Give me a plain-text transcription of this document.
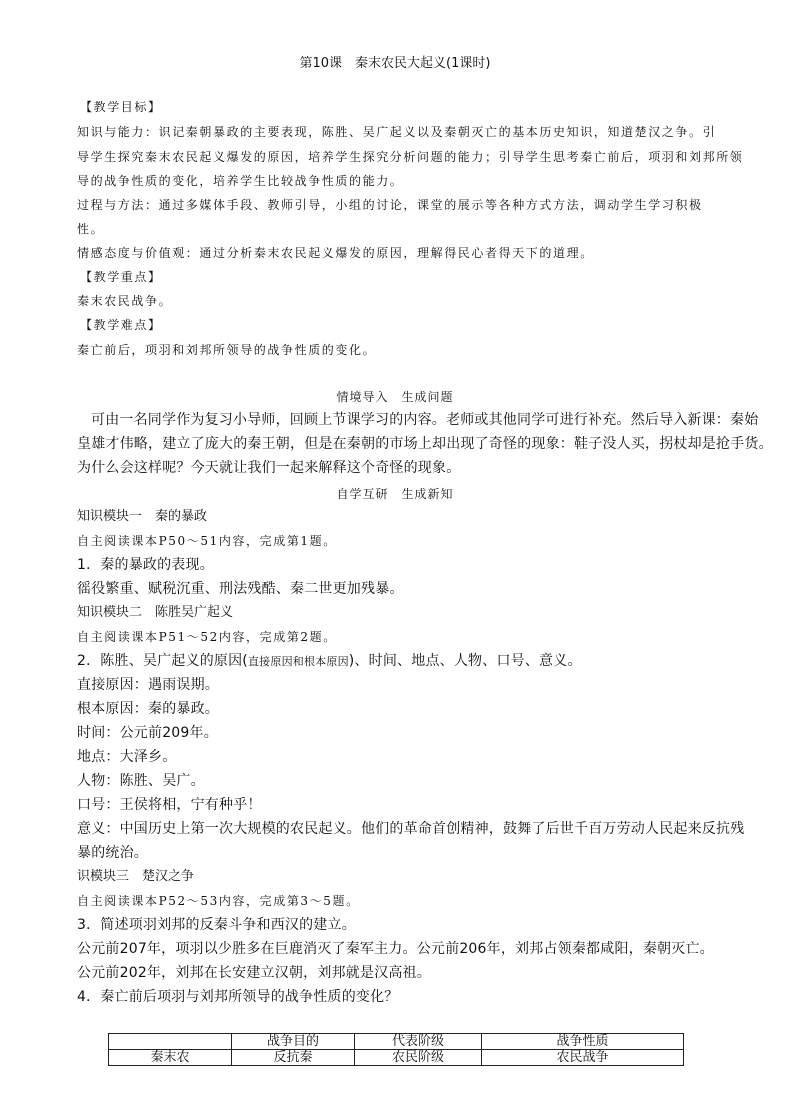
第10课　秦末农民大起义(1课时)
【教学目标】
知识与能力：识记秦朝暴政的主要表现，陈胜、吴广起义以及秦朝灭亡的基本历史知识，知道楚汉之争。引
导学生探究秦末农民起义爆发的原因，培养学生探究分析问题的能力；引导学生思考秦亡前后，项羽和刘邦所领
导的战争性质的变化，培养学生比较战争性质的能力。
过程与方法：通过多媒体手段、教师引导，小组的讨论，课堂的展示等各种方式方法，调动学生学习积极
性。
情感态度与价值观：通过分析秦末农民起义爆发的原因，理解得民心者得天下的道理。
【教学重点】
秦末农民战争。
【教学难点】
秦亡前后，项羽和刘邦所领导的战争性质的变化。
情境导入　生成问题
可由一名同学作为复习小导师，回顾上节课学习的内容。老师或其他同学可进行补充。然后导入新课：秦始
皇雄才伟略，建立了庞大的秦王朝，但是在秦朝的市场上却出现了奇怪的现象：鞋子没人买，拐杖却是抢手货。
为什么会这样呢？今天就让我们一起来解释这个奇怪的现象。
自学互研　生成新知
知识模块一　秦的暴政
自主阅读课本P50～51内容，完成第1题。
1．秦的暴政的表现。
徭役繁重、赋税沉重、刑法残酷、秦二世更加残暴。
知识模块二　陈胜吴广起义
自主阅读课本P51～52内容，完成第2题。
2．陈胜、吴广起义的原因(直接原因和根本原因)、时间、地点、人物、口号、意义。
直接原因：遇雨误期。
根本原因：秦的暴政。
时间：公元前209年。
地点：大泽乡。
人物：陈胜、吴广。
口号：王侯将相，宁有种乎！
意义：中国历史上第一次大规模的农民起义。他们的革命首创精神，鼓舞了后世千百万劳动人民起来反抗残
暴的统治。
识模块三　楚汉之争
自主阅读课本P52～53内容，完成第3～5题。
3．简述项羽刘邦的反秦斗争和西汉的建立。
公元前207年，项羽以少胜多在巨鹿消灭了秦军主力。公元前206年，刘邦占领秦都咸阳，秦朝灭亡。
公元前202年，刘邦在长安建立汉朝，刘邦就是汉高祖。
4．秦亡前后项羽与刘邦所领导的战争性质的变化？
	战争目的	代表阶级	战争性质
秦末农	反抗秦	农民阶级	农民战争
